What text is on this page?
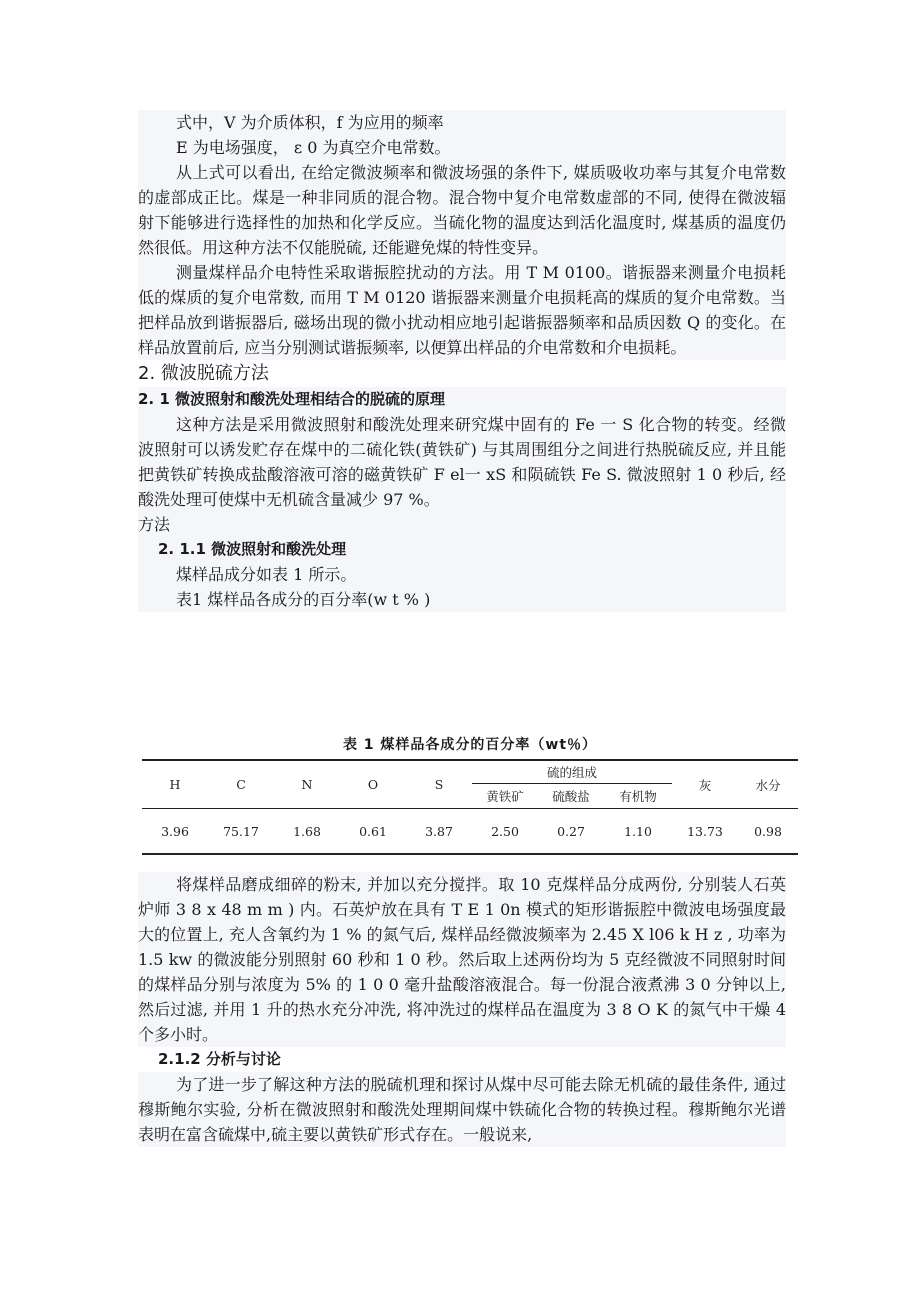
式中，V 为介质体积，f 为应用的频率

E 为电场强度， ε 0 为真空介电常数。

从上式可以看出, 在给定微波频率和微波场强的条件下, 媒质吸收功率与其复介电常数的虚部成正比。煤是一种非同质的混合物。混合物中复介电常数虚部的不同, 使得在微波辐射下能够进行选择性的加热和化学反应。当硫化物的温度达到活化温度时, 煤基质的温度仍然很低。用这种方法不仅能脱硫, 还能避免煤的特性变异。

测量煤样品介电特性采取谐振腔扰动的方法。用 T M 0100。谐振器来测量介电损耗低的煤质的复介电常数, 而用 T M 0120 谐振器来测量介电损耗高的煤质的复介电常数。当把样品放到谐振器后, 磁场出现的微小扰动相应地引起谐振器频率和品质因数 Q 的变化。在样品放置前后, 应当分别测试谐振频率, 以便算出样品的介电常数和介电损耗。

2. 微波脱硫方法
2. 1 微波照射和酸洗处理相结合的脱硫的原理

这种方法是采用微波照射和酸洗处理来研究煤中固有的 Fe 一 S 化合物的转变。经微波照射可以诱发贮存在煤中的二硫化铁(黄铁矿) 与其周围组分之间进行热脱硫反应, 并且能把黄铁矿转换成盐酸溶液可溶的磁黄铁矿 F el一 xS 和陨硫铁 Fe S. 微波照射 1 0 秒后, 经酸洗处理可使煤中无机硫含量减少 97 %。

方法

2. 1.1 微波照射和酸洗处理

煤样品成分如表 1 所示。

表1 煤样品各成分的百分率(w t % )

表 1 煤样品各成分的百分率（wt％）
H	C	N	O	S	硫的组成			灰	水分
					黄铁矿	硫酸盐	有机物		
3.96	75.17	1.68	0.61	3.87	2.50	0.27	1.10	13.73	0.98

将煤样品磨成细碎的粉末, 并加以充分搅拌。取 10 克煤样品分成两份, 分别装人石英炉师 3 8 x 48 m m ) 内。石英炉放在具有 T E 1 0n 模式的矩形谐振腔中微波电场强度最大的位置上, 充人含氧约为 1 % 的氮气后, 煤样品经微波频率为 2.45 X l06 k H z , 功率为 1.5 kw 的微波能分别照射 60 秒和 1 0 秒。然后取上述两份均为 5 克经微波不同照射时间的煤样品分别与浓度为 5% 的 1 0 0 毫升盐酸溶液混合。每一份混合液煮沸 3 0 分钟以上, 然后过滤, 并用 1 升的热水充分冲洗, 将冲洗过的煤样品在温度为 3 8 O K 的氮气中干燥 4 个多小时。

2.1.2 分析与讨论

为了进一步了解这种方法的脱硫机理和探讨从煤中尽可能去除无机硫的最佳条件, 通过穆斯鲍尔实验, 分析在微波照射和酸洗处理期间煤中铁硫化合物的转换过程。穆斯鲍尔光谱表明在富含硫煤中,硫主要以黄铁矿形式存在。一般说来,
